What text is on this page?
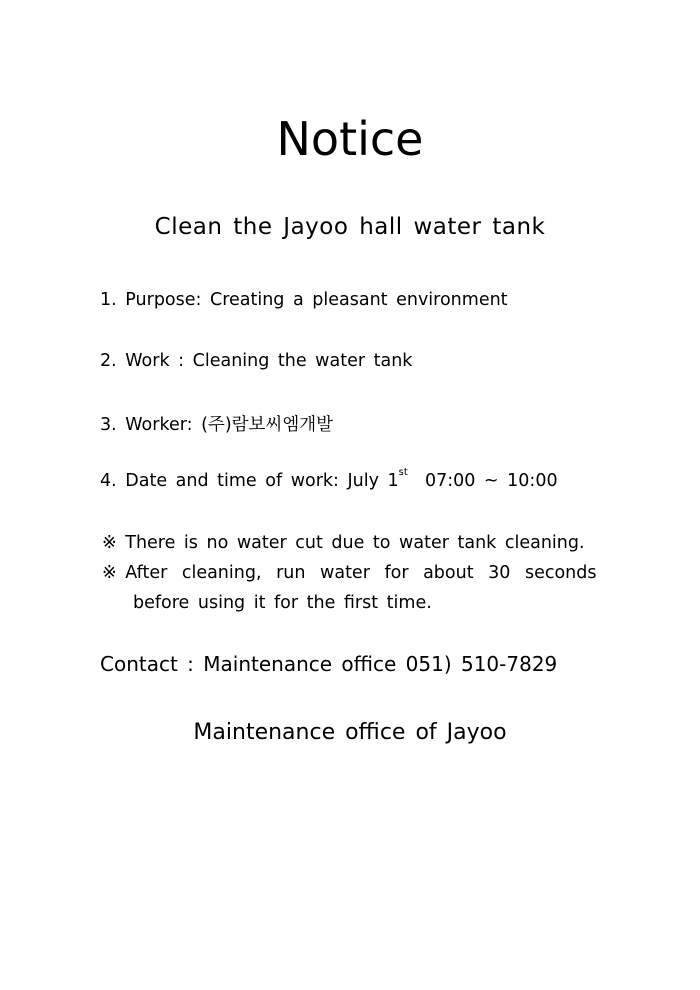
Notice
Clean the Jayoo hall water tank
1. Purpose: Creating a pleasant environment
2. Work : Cleaning the water tank
3. Worker: (주)람보씨엠개발
4. Date and time of work: July 1st  07:00 ~ 10:00
※ There is no water cut due to water tank cleaning.
※ After cleaning, run water for about 30 seconds
before using it for the first time.
Contact : Maintenance office 051) 510-7829
Maintenance office of Jayoo
